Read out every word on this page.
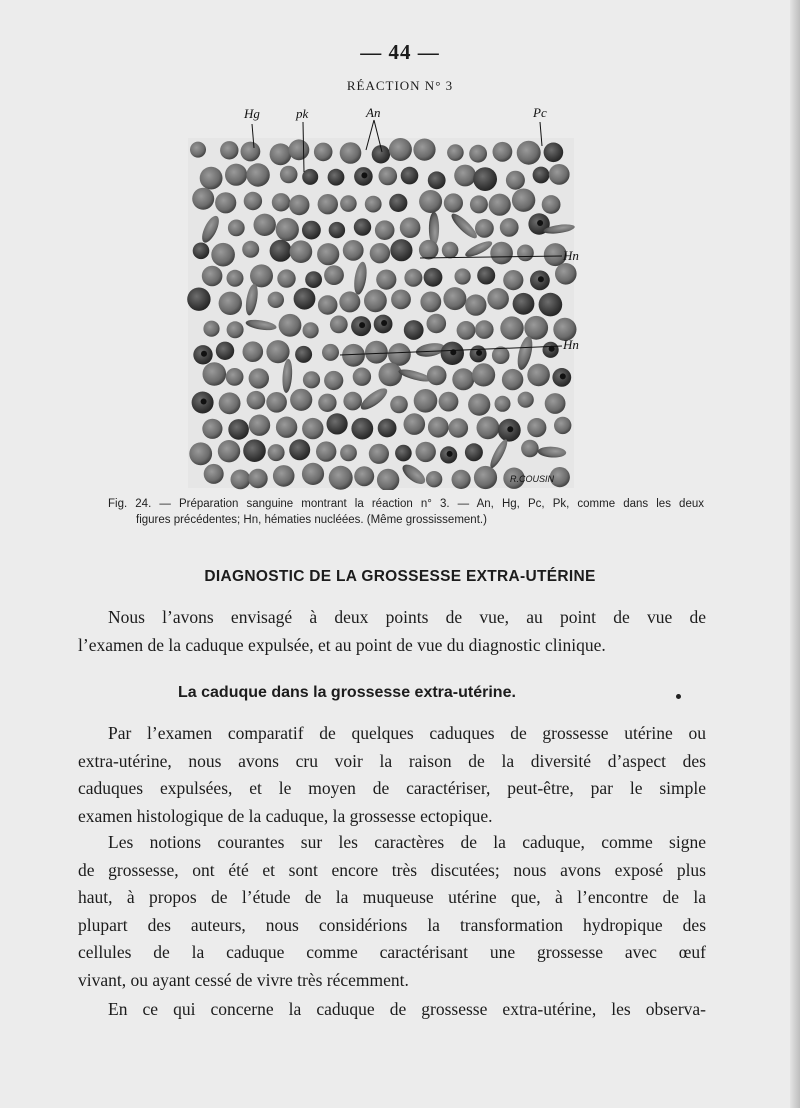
— 44 —
RÉACTION N° 3
Hg	pk	An	Pc
Hn
Hn
R.COUSIN
Fig. 24. — Préparation sanguine montrant la réaction n° 3. — An, Hg, Pc, Pk, comme dans les deux
figures précédentes; Hn, hématies nucléées. (Même grossissement.)
DIAGNOSTIC DE LA GROSSESSE EXTRA-UTÉRINE
Nous l’avons envisagé à deux points de vue, au point de vue de
l’examen de la caduque expulsée, et au point de vue du diagnostic clinique.
La caduque dans la grossesse extra-utérine.
Par l’examen comparatif de quelques caduques de grossesse utérine ou
extra-utérine, nous avons cru voir la raison de la diversité d’aspect des
caduques expulsées, et le moyen de caractériser, peut-être, par le simple
examen histologique de la caduque, la grossesse ectopique.
Les notions courantes sur les caractères de la caduque, comme signe
de grossesse, ont été et sont encore très discutées; nous avons exposé plus
haut, à propos de l’étude de la muqueuse utérine que, à l’encontre de la
plupart des auteurs, nous considérions la transformation hydropique des
cellules de la caduque comme caractérisant une grossesse avec œuf
vivant, ou ayant cessé de vivre très récemment.
En ce qui concerne la caduque de grossesse extra-utérine, les observa-
